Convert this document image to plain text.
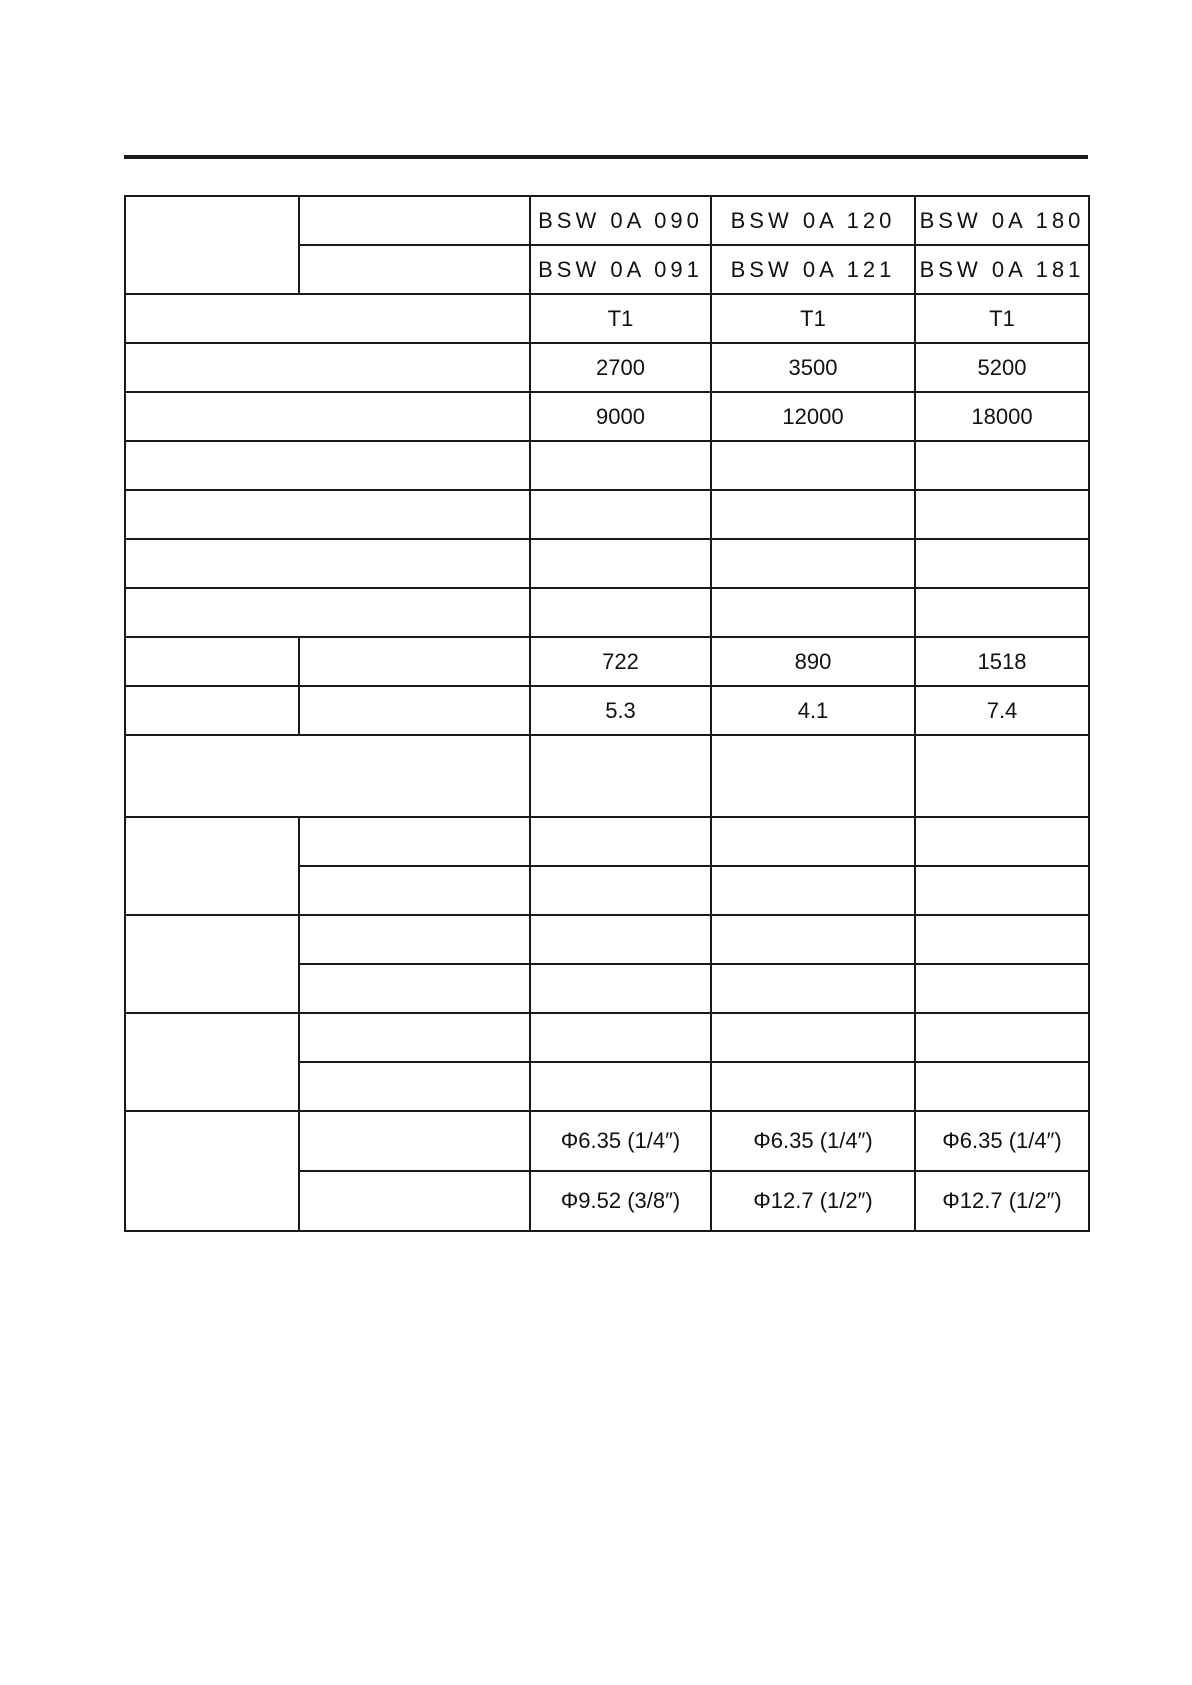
		BSW 0A 090	BSW 0A 120	BSW 0A 180
		BSW 0A 091	BSW 0A 121	BSW 0A 181
		T1	T1	T1
		2700	3500	5200
		9000	12000	18000

		722	890	1518
		5.3	4.1	7.4

		Φ6.35 (1/4″)	Φ6.35 (1/4″)	Φ6.35 (1/4″)
		Φ9.52 (3/8″)	Φ12.7 (1/2″)	Φ12.7 (1/2″)
